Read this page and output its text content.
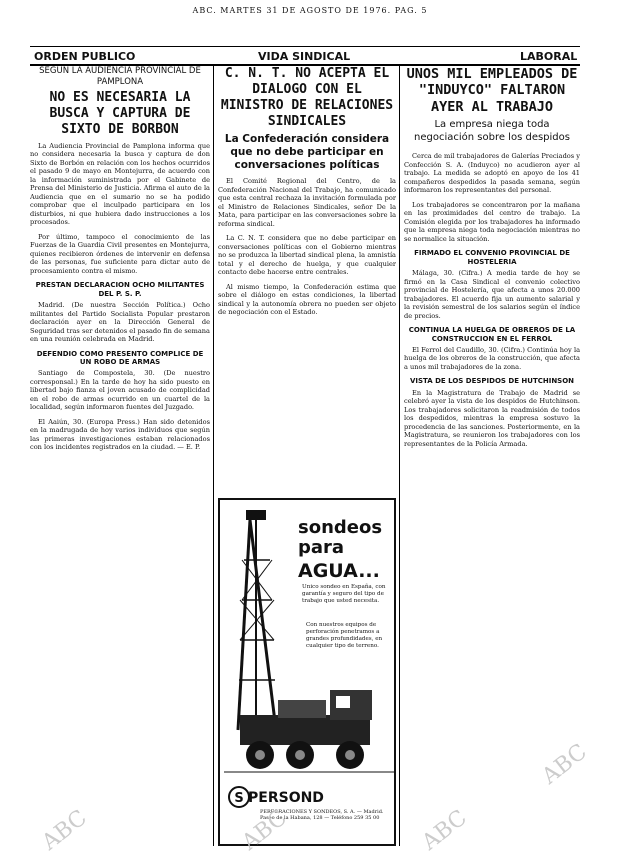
ABC. MARTES 31 DE AGOSTO DE 1976. PAG. 5
ORDEN PUBLICO	VIDA SINDICAL	LABORAL
SEGUN LA AUDIENCIA PROVINCIAL DE PAMPLONA
NO ES NECESARIA LA BUSCA Y CAPTURA DE SIXTO DE BORBON

La Audiencia Provincial de Pamplona informa que no considera necesaria la busca y captura de don Sixto de Borbón en relación con los hechos ocurridos el pasado 9 de mayo en Montejurra, de acuerdo con la información suministrada por el Gabinete de Prensa del Ministerio de Justicia. Afirma el auto de la Audiencia que en el sumario no se ha podido comprobar que el inculpado participara en los disturbios, ni que hubiera dado instrucciones a los procesados.

Por último, tampoco el conocimiento de las Fuerzas de la Guardia Civil presentes en Montejurra, quienes recibieron órdenes de intervenir en defensa de las personas, fue suficiente para dictar auto de procesamiento contra el mismo.

PRESTAN DECLARACION OCHO MILITANTES DEL P. S. P.

Madrid. (De nuestra Sección Política.) Ocho militantes del Partido Socialista Popular prestaron declaración ayer en la Dirección General de Seguridad tras ser detenidos el pasado fin de semana en una reunión celebrada en Madrid.

DEFENDIO COMO PRESENTO COMPLICE DE UN ROBO DE ARMAS

Santiago de Compostela, 30. (De nuestro corresponsal.) En la tarde de hoy ha sido puesto en libertad bajo fianza el joven acusado de complicidad en el robo de armas ocurrido en un cuartel de la localidad, según informaron fuentes del Juzgado.

El Aaiún, 30. (Europa Press.) Han sido detenidos en la madrugada de hoy varios individuos que según las primeras investigaciones estaban relacionados con los incidentes registrados en la ciudad. — E. P.

C. N. T. NO ACEPTA EL DIALOGO CON EL MINISTRO DE RELACIONES SINDICALES
La Confederación considera que no debe participar en conversaciones políticas

El Comité Regional del Centro, de la Confederación Nacional del Trabajo, ha comunicado que esta central rechaza la invitación formulada por el Ministro de Relaciones Sindicales, señor De la Mata, para participar en las conversaciones sobre la reforma sindical.

La C. N. T. considera que no debe participar en conversaciones políticas con el Gobierno mientras no se produzca la libertad sindical plena, la amnistía total y el derecho de huelga, y que cualquier contacto debe hacerse entre centrales.

Al mismo tiempo, la Confederación estima que sobre el diálogo en estas condiciones, la libertad sindical y la autonomía obrera no pueden ser objeto de negociación con el Estado.

sondeos para
AGUA...
Unico sondeo en España, con garantía y seguro del tipo de trabajo que usted necesita.
Con nuestros equipos de perforación penetramos a grandes profundidades, en cualquier tipo de terreno.
S PERSOND
PERFORACIONES Y SONDEOS, S. A. — Madrid. Paseo de la Habana, 128 — Teléfono 259 35 00
UNOS MIL EMPLEADOS DE "INDUYCO" FALTARON AYER AL TRABAJO
La empresa niega toda negociación sobre los despidos

Cerca de mil trabajadores de Galerías Preciados y Confección S. A. (Induyco) no acudieron ayer al trabajo. La medida se adoptó en apoyo de los 41 compañeros despedidos la pasada semana, según informaron los representantes del personal.

Los trabajadores se concentraron por la mañana en las proximidades del centro de trabajo. La Comisión elegida por los trabajadores ha informado que la empresa niega toda negociación mientras no se normalice la situación.

FIRMADO EL CONVENIO PROVINCIAL DE HOSTELERIA

Málaga, 30. (Cifra.) A media tarde de hoy se firmó en la Casa Sindical el convenio colectivo provincial de Hostelería, que afecta a unos 20.000 trabajadores. El acuerdo fija un aumento salarial y la revisión semestral de los salarios según el índice de precios.

CONTINUA LA HUELGA DE OBREROS DE LA CONSTRUCCION EN EL FERROL

El Ferrol del Caudillo, 30. (Cifra.) Continúa hoy la huelga de los obreros de la construcción, que afecta a unos mil trabajadores de la zona.

VISTA DE LOS DESPIDOS DE HUTCHINSON

En la Magistratura de Trabajo de Madrid se celebró ayer la vista de los despidos de Hutchinson. Los trabajadores solicitaron la readmisión de todos los despedidos, mientras la empresa sostuvo la procedencia de las sanciones. Posteriormente, en la Magistratura, se reunieron los trabajadores con los representantes de la Policía Armada.

ABC	ABC	ABC
ABC
